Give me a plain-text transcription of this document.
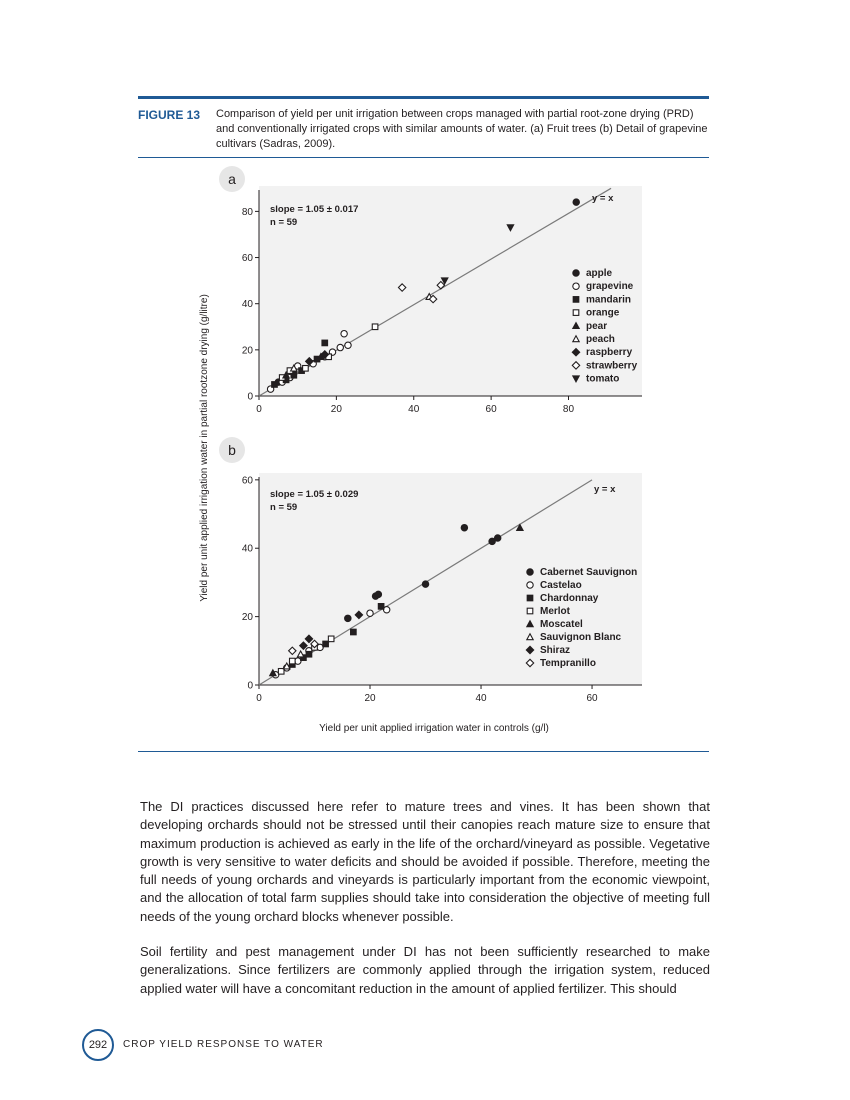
FIGURE 13 Comparison of yield per unit irrigation between crops managed with partial root-zone drying (PRD) and conventionally irrigated crops with similar amounts of water. (a) Fruit trees (b) Detail of grapevine cultivars (Sadras, 2009).
a
0	20	40	60	80
0
20
40
60
80
y = x
slope = 1.05 ± 0.017
n = 59
apple
grapevine
mandarin
orange
pear
peach
raspberry
strawberry
tomato
b
0	20	40	60
0
20
40
60
y = x
slope = 1.05 ± 0.029
n = 59
Cabernet Sauvignon
Castelao
Chardonnay
Merlot
Moscatel
Sauvignon Blanc
Shiraz
Tempranillo
Yield per unit applied irrigation water in partial rootzone drying (g/litre)
Yield per unit applied irrigation water in controls (g/l)

The DI practices discussed here refer to mature trees and vines. It has been shown that developing orchards should not be stressed until their canopies reach mature size to ensure that maximum production is achieved as early in the life of the orchard/vineyard as possible. Vegetative growth is very sensitive to water deficits and should be avoided if possible. Therefore, meeting the full needs of young orchards and vineyards is particularly important from the economic viewpoint, and the allocation of total farm supplies should take into consideration the objective of meeting full needs of the young orchard blocks whenever possible.

Soil fertility and pest management under DI has not been sufficiently researched to make generalizations. Since fertilizers are commonly applied through the irrigation system, reduced applied water will have a concomitant reduction in the amount of applied fertilizer. This should

292	CROP YIELD RESPONSE TO WATER
